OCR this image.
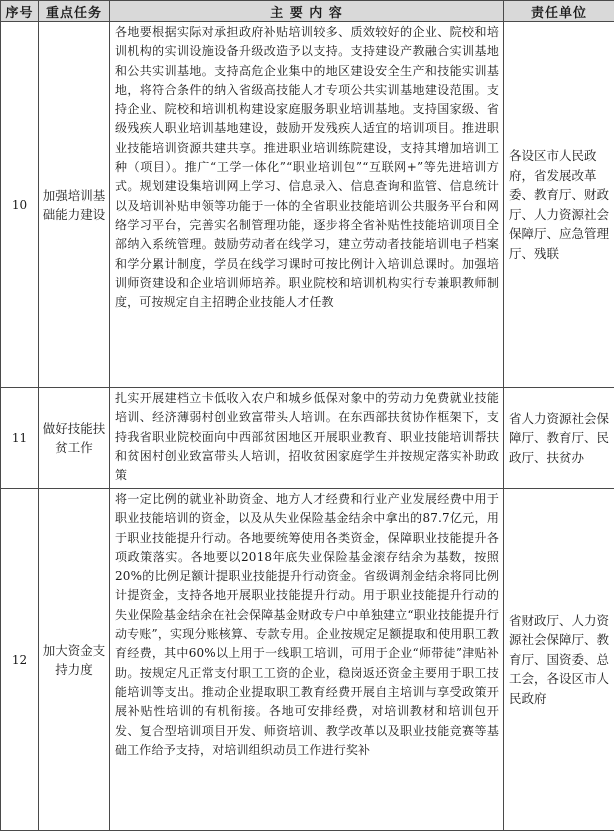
序号	重点任务	主 要 内 容	责任单位
10	加强培训基础能力建设	各地要根据实际对承担政府补贴培训较多、质效较好的企业、院校和培训机构的实训设施设备升级改造予以支持。支持建设产教融合实训基地和公共实训基地。支持高危企业集中的地区建设安全生产和技能实训基地，将符合条件的纳入省级高技能人才专项公共实训基地建设范围。支持企业、院校和培训机构建设家庭服务职业培训基地。支持国家级、省级残疾人职业培训基地建设，鼓励开发残疾人适宜的培训项目。推进职业技能培训资源共建共享。推进职业培训练院建设，支持其增加培训工种（项目）。推广“工学一体化”“职业培训包”“互联网+”等先进培训方式。规划建设集培训网上学习、信息录入、信息查询和监管、信息统计以及培训补贴申领等功能于一体的全省职业技能培训公共服务平台和网络学习平台，完善实名制管理功能，逐步将全省补贴性技能培训项目全部纳入系统管理。鼓励劳动者在线学习，建立劳动者技能培训电子档案和学分累计制度，学员在线学习课时可按比例计入培训总课时。加强培训师资建设和企业培训师培养。职业院校和培训机构实行专兼职教师制度，可按规定自主招聘企业技能人才任教	各设区市人民政府，省发展改革委、教育厅、财政厅、人力资源社会保障厅、应急管理厅、残联
11	做好技能扶贫工作	扎实开展建档立卡低收入农户和城乡低保对象中的劳动力免费就业技能培训、经济薄弱村创业致富带头人培训。在东西部扶贫协作框架下，支持我省职业院校面向中西部贫困地区开展职业教育、职业技能培训帮扶和贫困村创业致富带头人培训，招收贫困家庭学生并按规定落实补助政策	省人力资源社会保障厅、教育厅、民政厅、扶贫办
12	加大资金支持力度	将一定比例的就业补助资金、地方人才经费和行业产业发展经费中用于职业技能培训的资金，以及从失业保险基金结余中拿出的87.7亿元，用于职业技能提升行动。各地要统筹使用各类资金，保障职业技能提升各项政策落实。各地要以2018年底失业保险基金滚存结余为基数，按照20%的比例足额计提职业技能提升行动资金。省级调剂金结余将同比例计提资金，支持各地开展职业技能提升行动。用于职业技能提升行动的失业保险基金结余在社会保障基金财政专户中单独建立“职业技能提升行动专账”，实现分账核算、专款专用。企业按规定足额提取和使用职工教育经费，其中60%以上用于一线职工培训，可用于企业“师带徒”津贴补助。按规定凡正常支付职工工资的企业，稳岗返还资金主要用于职工技能培训等支出。推动企业提取职工教育经费开展自主培训与享受政策开展补贴性培训的有机衔接。各地可安排经费，对培训教材和培训包开发、复合型培训项目开发、师资培训、教学改革以及职业技能竞赛等基础工作给予支持，对培训组织动员工作进行奖补	省财政厅、人力资源社会保障厅、教育厅、国资委、总工会，各设区市人民政府
